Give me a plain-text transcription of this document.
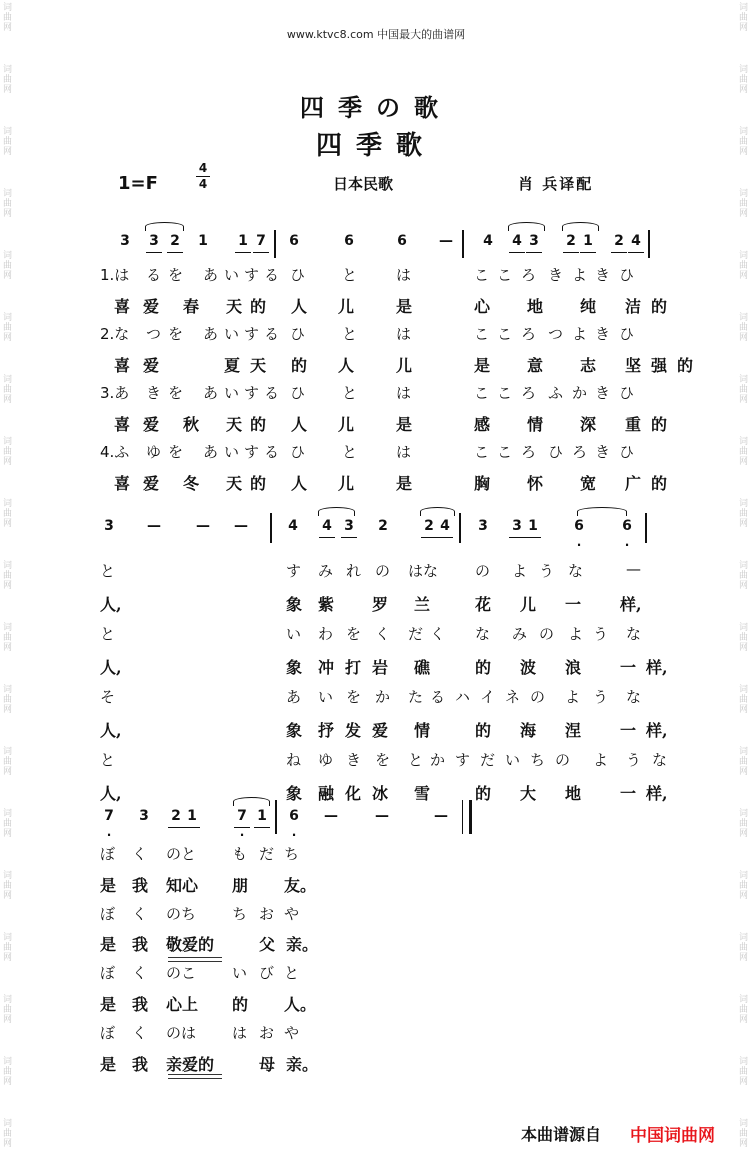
词曲网
词曲网
词曲网
词曲网
词曲网
词曲网
词曲网
词曲网
词曲网
词曲网
词曲网
词曲网
词曲网
词曲网
词曲网
词曲网
词曲网
词曲网
词曲网
词曲网
词曲网
词曲网
词曲网
词曲网
词曲网
词曲网
词曲网
词曲网
词曲网
词曲网
词曲网
词曲网
词曲网
词曲网
词曲网
词曲网
词曲网
词曲网
www.ktvc8.com 中国最大的曲谱网
四季の歌
四季歌
1=F
4
4	日本民歌	肖 兵译配
3 3 2 1 1 7 6	6	6 — 4 4 3 2 1 2 4
1.は る を あ い す る ひ と	は	こ こ ろ き よ き ひ
喜 爱 春 天 的 人 儿	是	心 地 纯 洁 的
2.な つ を あ い す る ひ と	は	こ こ ろ つ よ き ひ
喜 爱	夏 天 的 人	儿	是 意 志 坚 强 的
3.あ き を あ い す る ひ と	は	こ こ ろ ふ か き ひ
喜 爱 秋 天 的 人 儿	是	感 情 深 重 的
4.ふ ゆ を あ い す る ひ と	は	こ こ ろ ひ ろ き ひ
喜 爱 冬 天 的 人 儿	是	胸 怀 宽 广 的
3 —	— —	4 4 3 2	2 4 3 3 1	6
·
6
·
と	す み れ の はな の よ う な	—
人,	象 紫 罗 兰	花 儿 一 样,
と	い わ を く だ く な み の よ う な
人,	象 冲 打 岩 礁	的 波 浪 一 样,
そ	あ い を か た る ハ イ ネ の よ う な
人,	象 抒 发 爱 情	的 海 涅 一 样,
と	ね ゆ き を と か す だ い ち の よ う な
人,	象 融 化 冰 雪	的 大 地 一 样,
7
·
3 2 1	7
·
1 6
·
—	—	—
ぼ く のと も だ ち
是 我 知心 朋 友。
ぼ く のち ち お や
是 我 敬爱的	父 亲。
ぼ く のこ い び と
是 我 心上 的 人。
ぼ く のは は お や
是 我 亲爱的	母 亲。
本曲谱源自 中国词曲网
